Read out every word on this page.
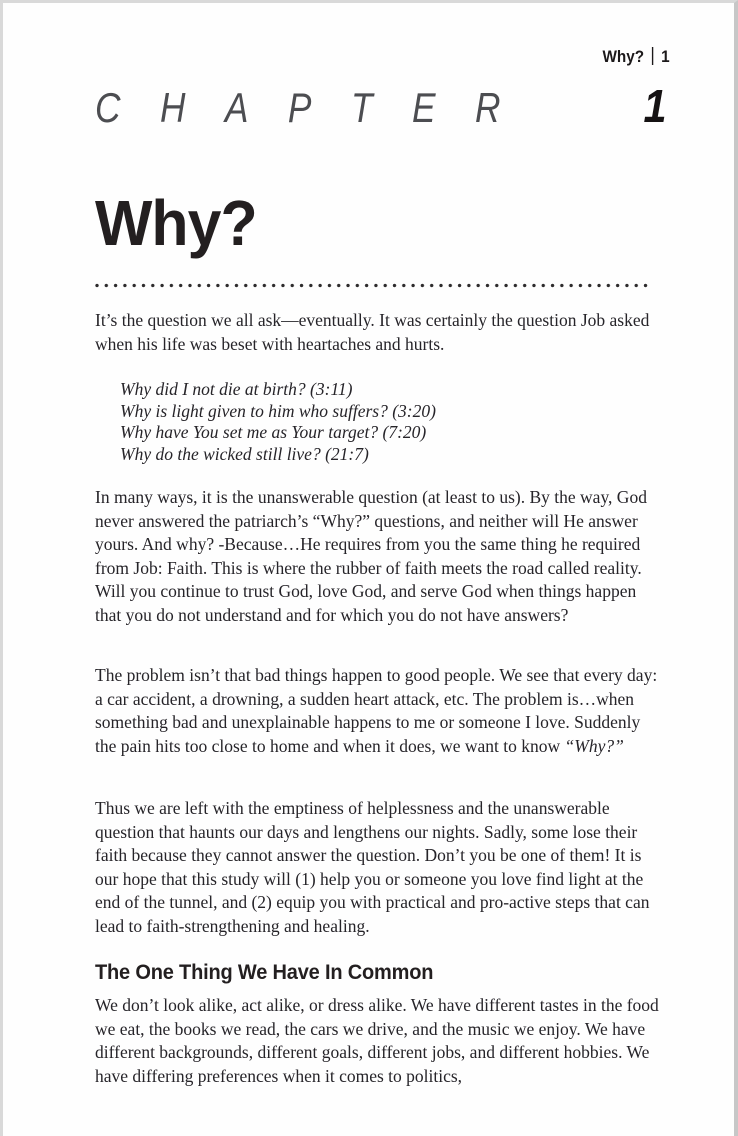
Why? | 1
CHAPTER 1
Why?

It’s the question we all ask—eventually. It was certainly the question Job asked when his life was beset with heartaches and hurts.

Why did I not die at birth? (3:11)
Why is light given to him who suffers? (3:20)
Why have You set me as Your target? (7:20)
Why do the wicked still live? (21:7)

In many ways, it is the unanswerable question (at least to us). By the way, God never answered the patriarch’s “Why?” questions, and neither will He answer yours. And why? -Because…He requires from you the same thing he required from Job: Faith. This is where the rubber of faith meets the road called reality. Will you continue to trust God, love God, and serve God when things happen that you do not understand and for which you do not have answers?

The problem isn’t that bad things happen to good people. We see that every day: a car accident, a drowning, a sudden heart attack, etc. The problem is…when something bad and unexplainable happens to me or someone I love. Suddenly the pain hits too close to home and when it does, we want to know “Why?”

Thus we are left with the emptiness of helplessness and the unanswerable question that haunts our days and lengthens our nights. Sadly, some lose their faith because they cannot answer the question. Don’t you be one of them! It is our hope that this study will (1) help you or someone you love find light at the end of the tunnel, and (2) equip you with practical and pro-active steps that can lead to faith-strengthening and healing.

The One Thing We Have In Common

We don’t look alike, act alike, or dress alike. We have different tastes in the food we eat, the books we read, the cars we drive, and the music we enjoy. We have different backgrounds, different goals, different jobs, and different hobbies. We have differing preferences when it comes to politics,
